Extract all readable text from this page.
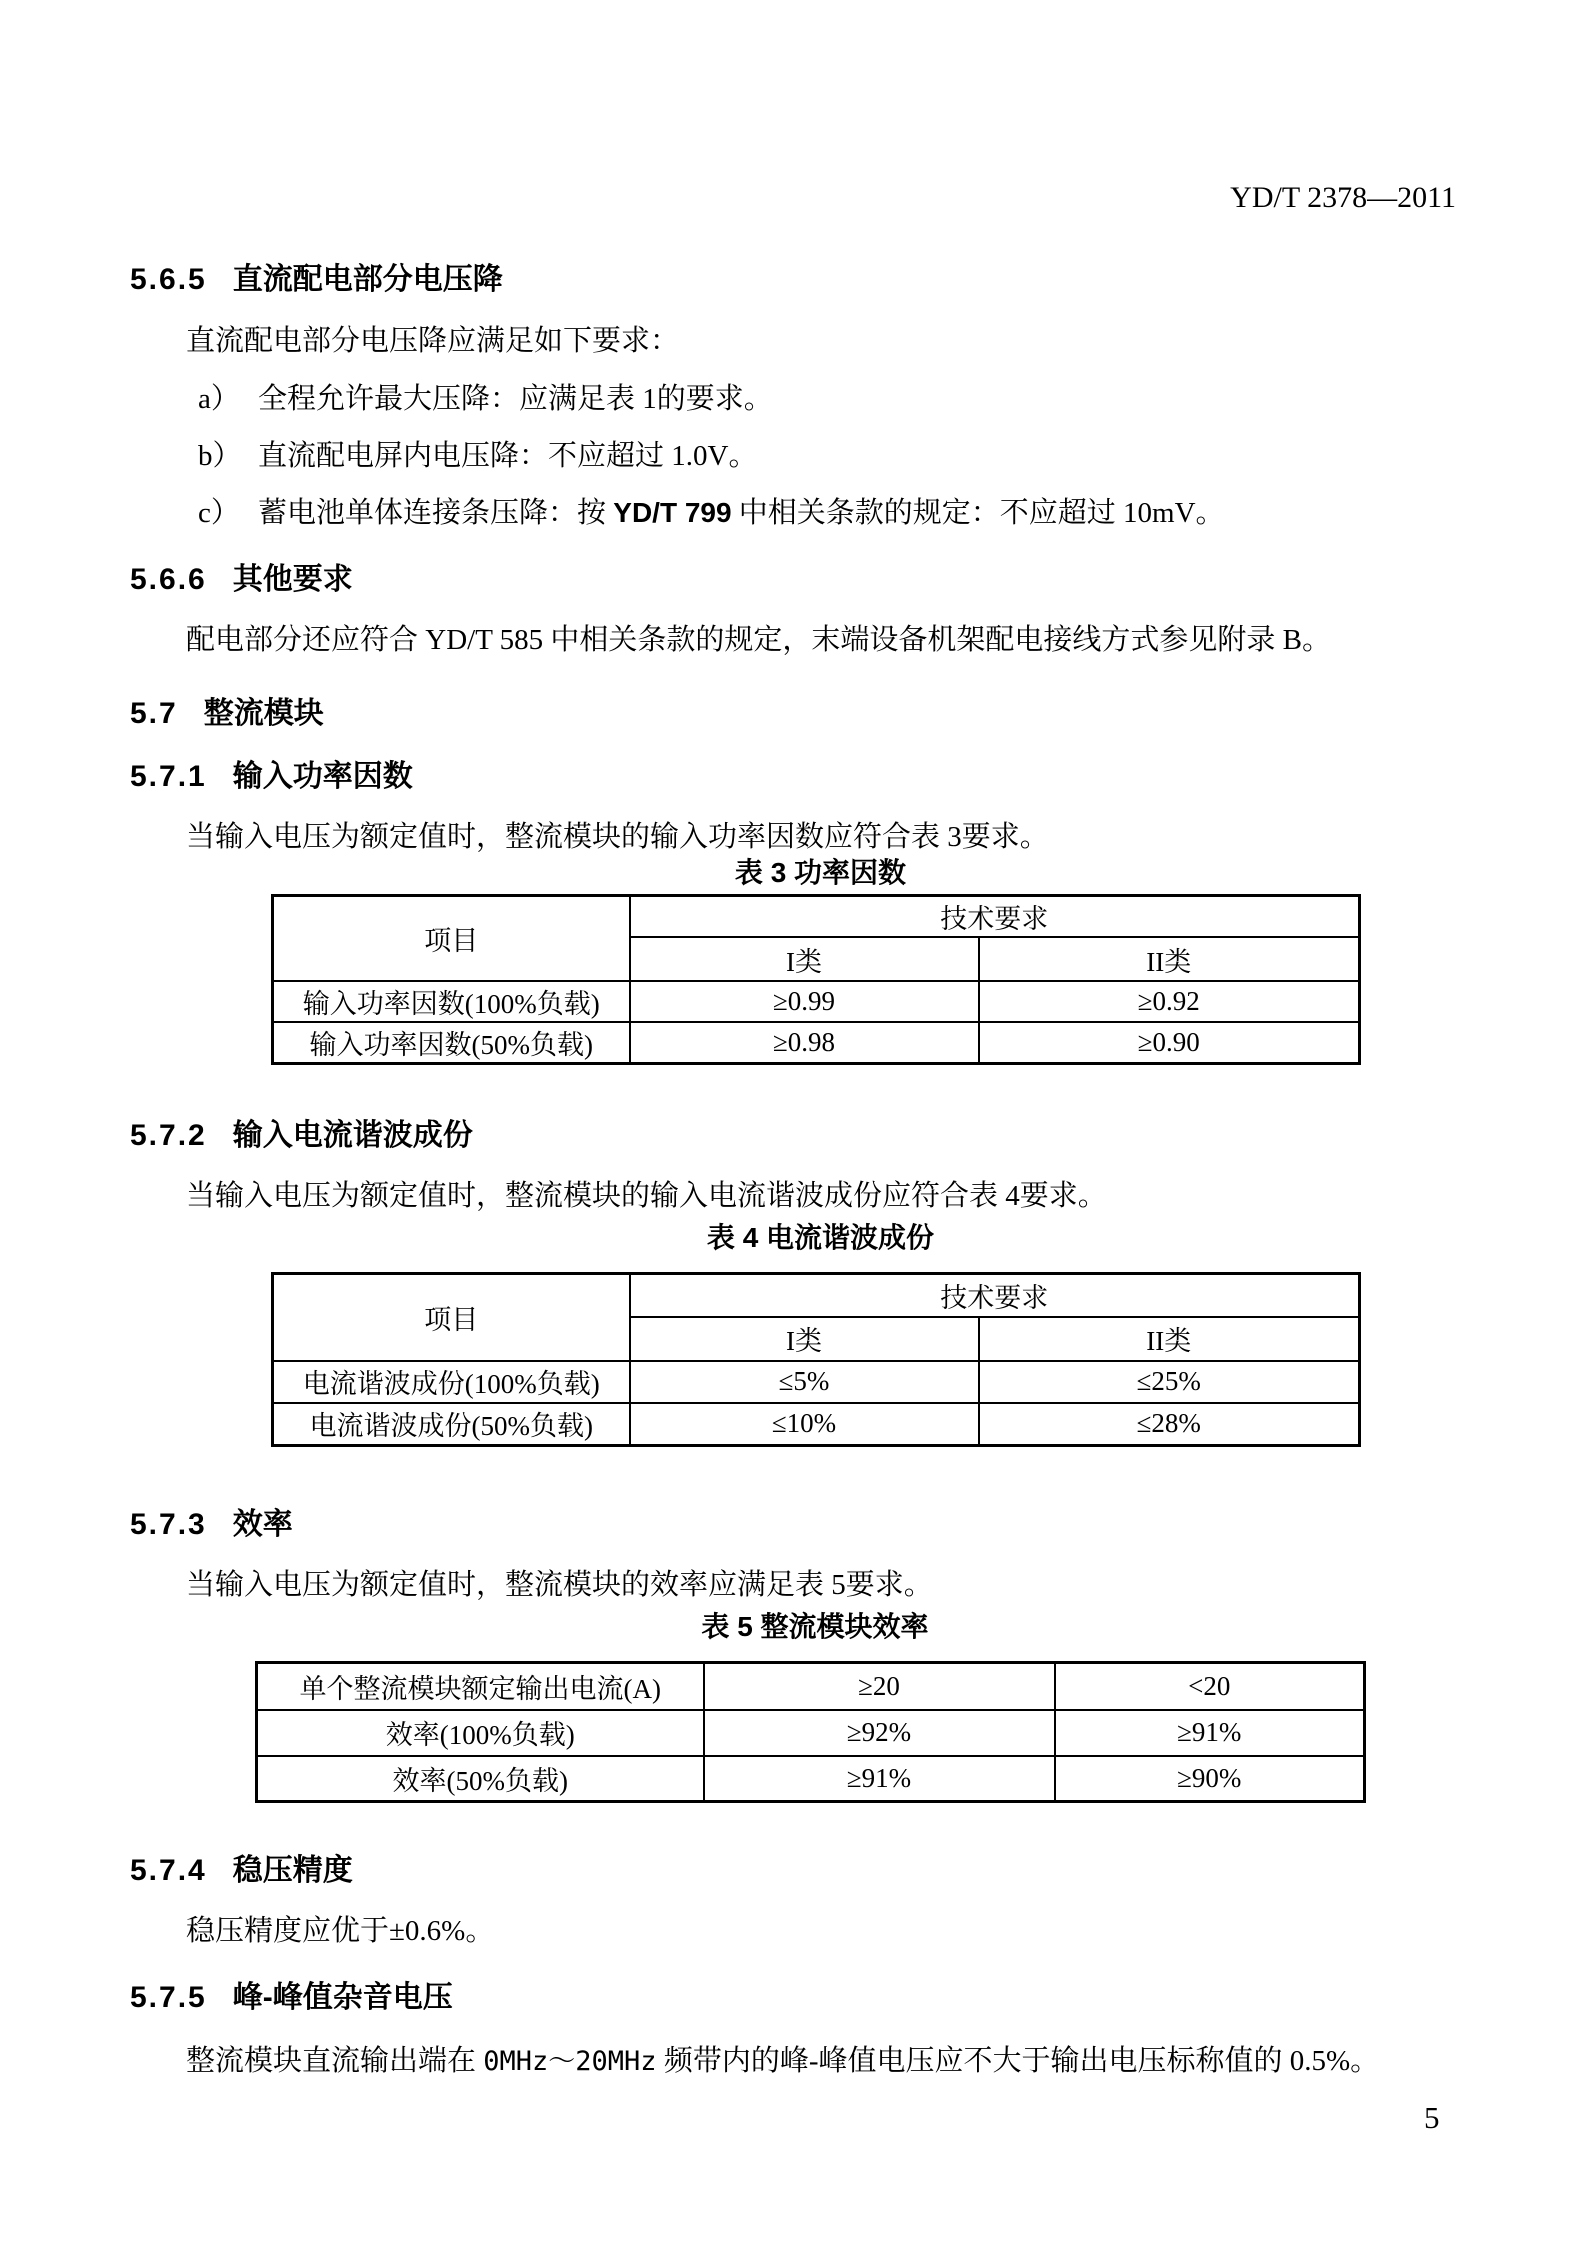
YD/T 2378—2011
5.6.5 直流配电部分电压降
直流配电部分电压降应满足如下要求：
a） 全程允许最大压降：应满足表 1的要求。
b） 直流配电屏内电压降：不应超过 1.0V。
c） 蓄电池单体连接条压降：按 YD/T 799 中相关条款的规定：不应超过 10mV。
5.6.6 其他要求
配电部分还应符合 YD/T 585 中相关条款的规定，末端设备机架配电接线方式参见附录 B。
5.7 整流模块
5.7.1 输入功率因数
当输入电压为额定值时，整流模块的输入功率因数应符合表 3要求。
表 3 功率因数
项目	技术要求	
	I类	II类
输入功率因数(100%负载)	≥0.99	≥0.92
输入功率因数(50%负载)	≥0.98	≥0.90
5.7.2 输入电流谐波成份
当输入电压为额定值时，整流模块的输入电流谐波成份应符合表 4要求。
表 4 电流谐波成份
项目	技术要求	
	I类	II类
电流谐波成份(100%负载)	≤5%	≤25%
电流谐波成份(50%负载)	≤10%	≤28%
5.7.3 效率
当输入电压为额定值时，整流模块的效率应满足表 5要求。
表 5 整流模块效率
单个整流模块额定输出电流(A)	≥20	<20
效率(100%负载)	≥92%	≥91%
效率(50%负载)	≥91%	≥90%
5.7.4 稳压精度
稳压精度应优于±0.6%。
5.7.5 峰-峰值杂音电压
整流模块直流输出端在 0MHz～20MHz 频带内的峰-峰值电压应不大于输出电压标称值的 0.5%。
5
